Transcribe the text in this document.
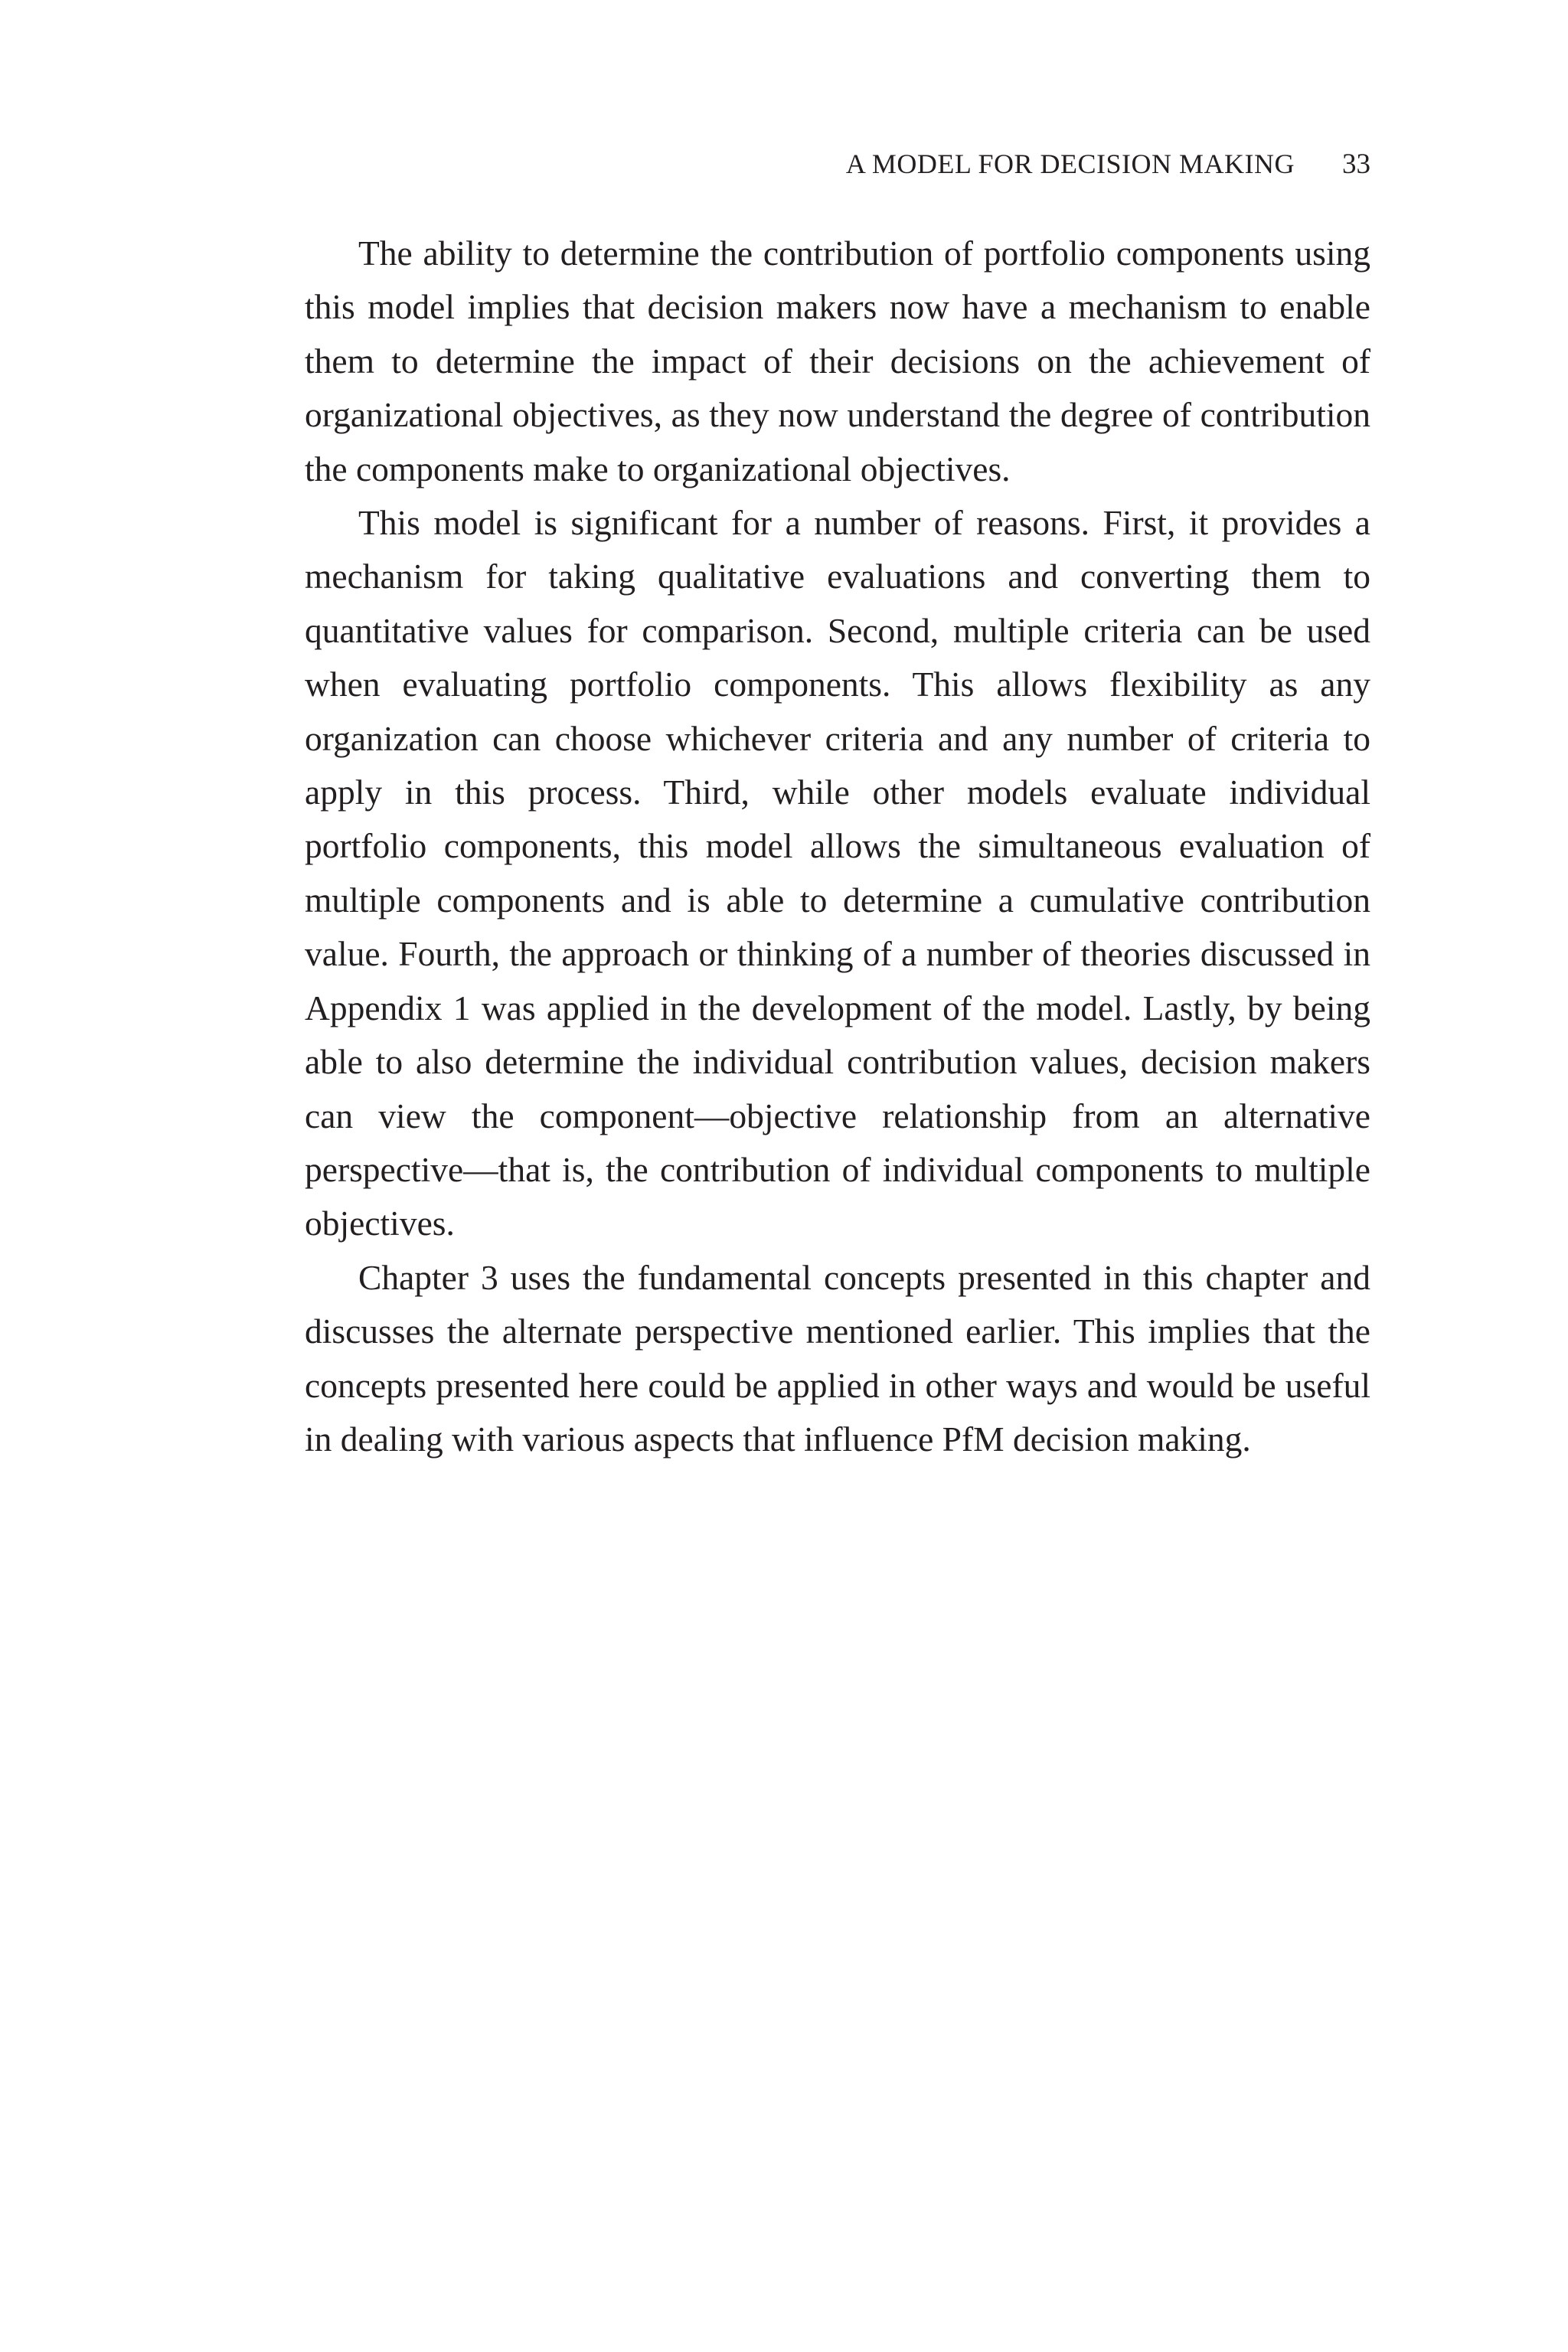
A MODEL FOR DECISION MAKING 33

The ability to determine the contribution of portfolio components using this model implies that decision makers now have a mechanism to enable them to determine the impact of their decisions on the achievement of organizational objectives, as they now understand the degree of contribution the components make to organizational objectives.

This model is significant for a number of reasons. First, it provides a mechanism for taking qualitative evaluations and converting them to quantitative values for comparison. Second, multiple criteria can be used when evaluating portfolio components. This allows flexibility as any organization can choose whichever criteria and any number of criteria to apply in this process. Third, while other models evaluate individual portfolio components, this model allows the simultaneous evaluation of multiple components and is able to determine a cumulative contribution value. Fourth, the approach or thinking of a number of theories discussed in Appendix 1 was applied in the development of the model. Lastly, by being able to also determine the individual contribution values, decision makers can view the component—objective relationship from an alternative perspective—that is, the contribution of individual components to multiple objectives.

Chapter 3 uses the fundamental concepts presented in this chapter and discusses the alternate perspective mentioned earlier. This implies that the concepts presented here could be applied in other ways and would be useful in dealing with various aspects that influence PfM decision making.
